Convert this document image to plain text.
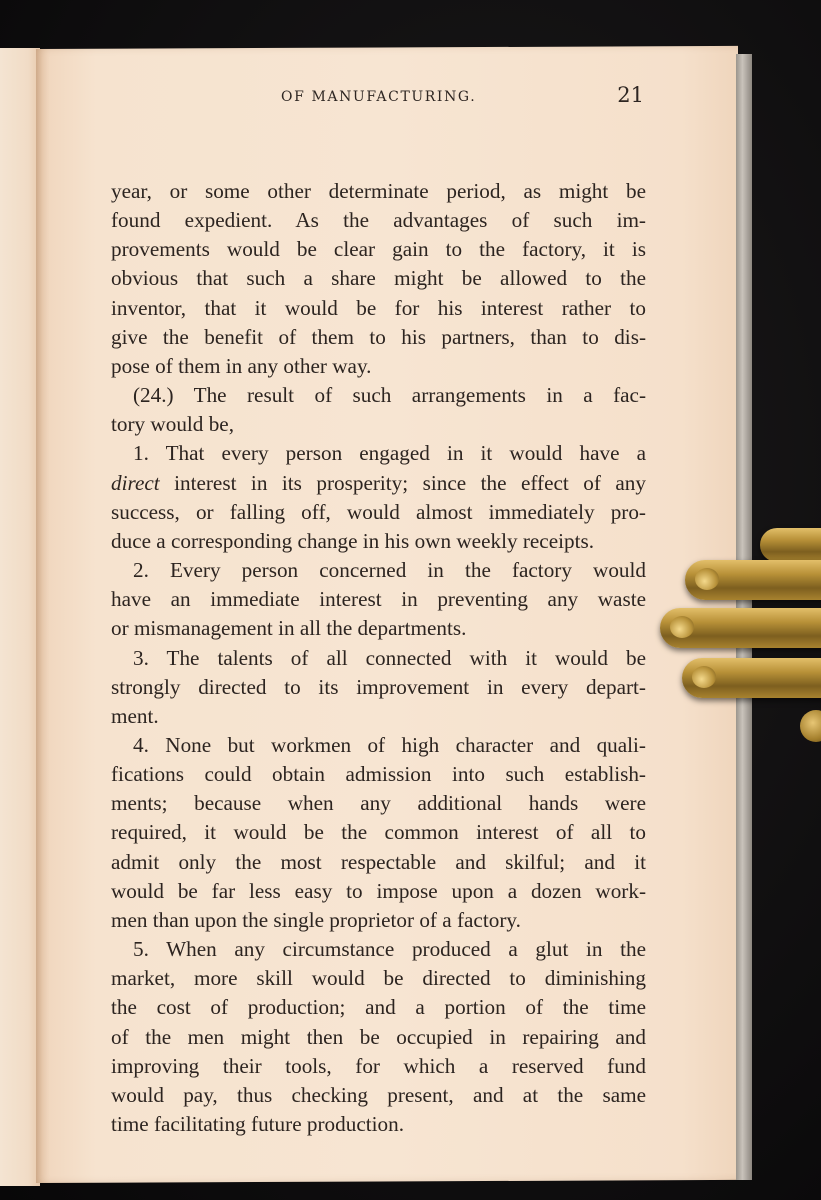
OF MANUFACTURING.	21

year, or some other determinate period, as might be
found expedient. As the advantages of such im-
provements would be clear gain to the factory, it is
obvious that such a share might be allowed to the
inventor, that it would be for his interest rather to
give the benefit of them to his partners, than to dis-
pose of them in any other way.

(24.) The result of such arrangements in a fac-
tory would be,

1. That every person engaged in it would have a
direct interest in its prosperity; since the effect of any
success, or falling off, would almost immediately pro-
duce a corresponding change in his own weekly receipts.

2. Every person concerned in the factory would
have an immediate interest in preventing any waste
or mismanagement in all the departments.

3. The talents of all connected with it would be
strongly directed to its improvement in every depart-
ment.

4. None but workmen of high character and quali-
fications could obtain admission into such establish-
ments; because when any additional hands were
required, it would be the common interest of all to
admit only the most respectable and skilful; and it
would be far less easy to impose upon a dozen work-
men than upon the single proprietor of a factory.

5. When any circumstance produced a glut in the
market, more skill would be directed to diminishing
the cost of production; and a portion of the time
of the men might then be occupied in repairing and
improving their tools, for which a reserved fund
would pay, thus checking present, and at the same
time facilitating future production.
